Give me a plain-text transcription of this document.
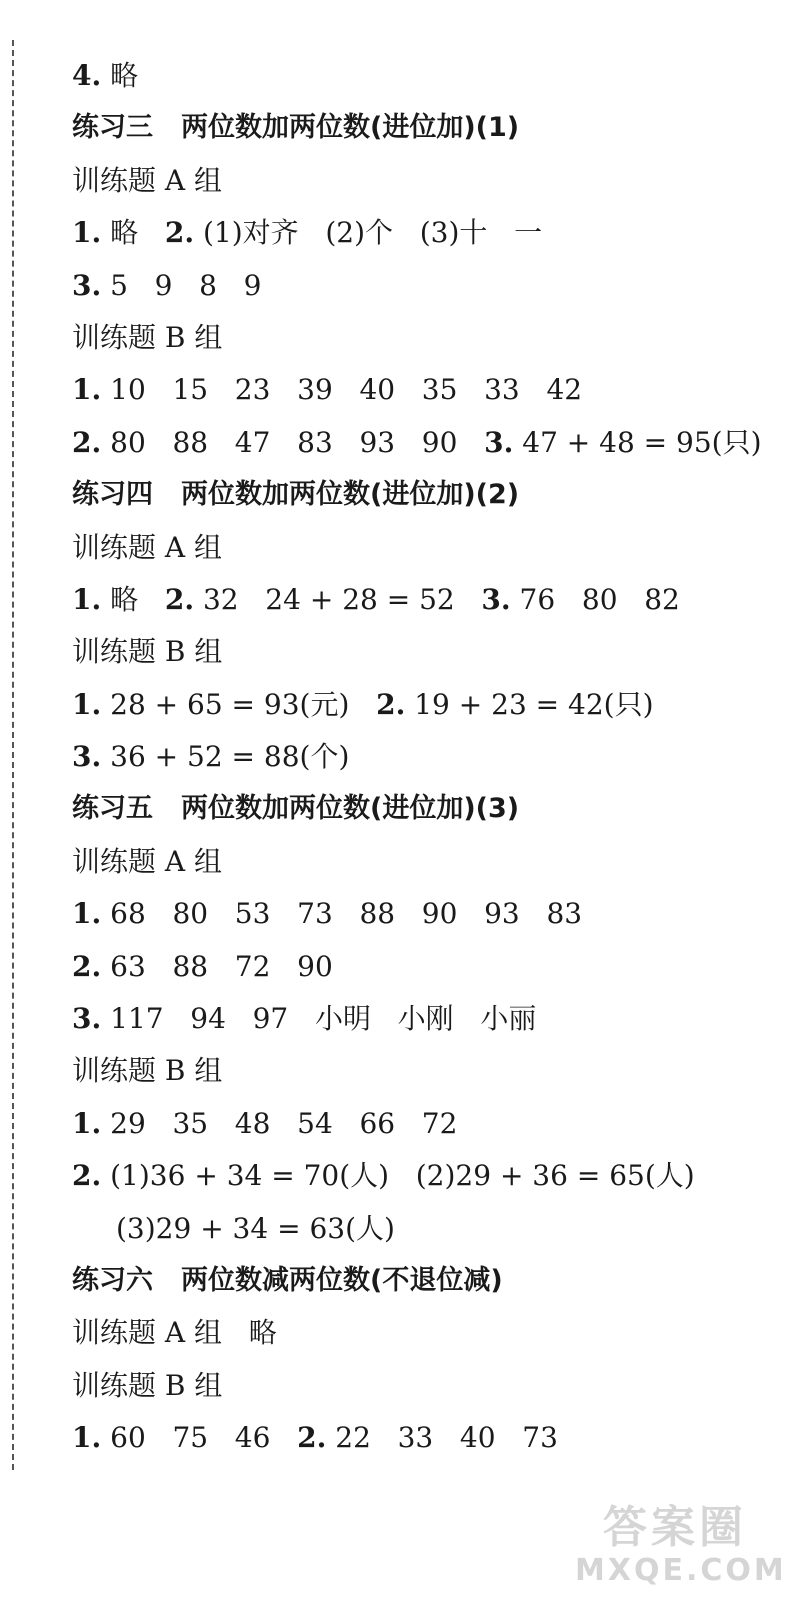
4. 略
练习三 两位数加两位数(进位加)(1)
训练题 A 组
1. 略   2. (1)对齐   (2)个   (3)十   一
3. 5   9   8   9
训练题 B 组
1. 10   15   23   39   40   35   33   42
2. 80   88   47   83   93   90   3. 47 + 48 = 95(只)
练习四 两位数加两位数(进位加)(2)
训练题 A 组
1. 略   2. 32   24 + 28 = 52   3. 76   80   82
训练题 B 组
1. 28 + 65 = 93(元)   2. 19 + 23 = 42(只)
3. 36 + 52 = 88(个)
练习五 两位数加两位数(进位加)(3)
训练题 A 组
1. 68   80   53   73   88   90   93   83
2. 63   88   72   90
3. 117   94   97   小明   小刚   小丽
训练题 B 组
1. 29   35   48   54   66   72
2. (1)36 + 34 = 70(人)   (2)29 + 36 = 65(人)
(3)29 + 34 = 63(人)
练习六 两位数减两位数(不退位减)
训练题 A 组   略
训练题 B 组
1. 60   75   46   2. 22   33   40   73
答案圈
MXQE.COM
